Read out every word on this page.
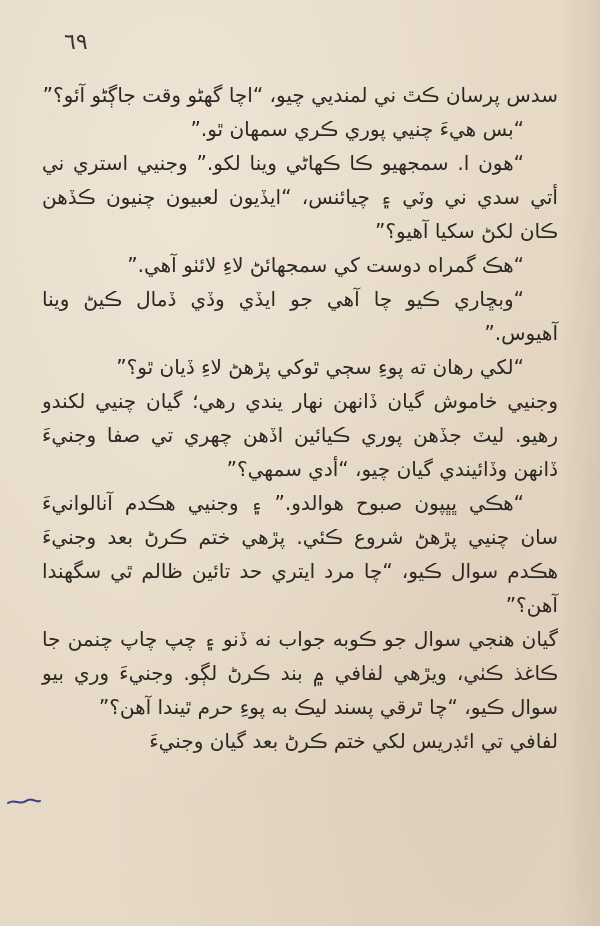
٦٩

سدس پرسان ڪٿ ني لمنديي چيو، “اچا گهڻو وقت جاڳڻو آئو؟”

“بس هيءَ چنيي پوري ڪري سمهان ٿو.”

“هون ا. سمجهيو ڪا ڪهاڻي وينا لکو.” وجنيي استري ني أتي سدي ني وٽي ۽ چيائنس، “ايڏيون لعبيون چنيون ڪڏهن ڪان لکڻ سکيا آهيو؟”

“هڪ گمراه دوست کي سمجهائڻ لاءِ لائٺو آهي.”

“وبڇاري ڪيو چا آهي جو ايڏي وڏي ڏمال ڪيڻ وينا آهيوس.”

“لکي رهان ته پوءِ سڄي ٿوکي پڙهڻ لاءِ ڏيان ٿو؟”

وجنيي خاموش گيان ڏانهن نهار يندي رهي؛ گيان چنيي لکندو رهيو. ليٽ جڏهن پوري ڪيائين اڏهن چهري تي صفا وجنيءَ ڏانهن وڏائيندي گيان چيو، “أدي سمهي؟”

“هڪي ڀڀپون صبوح هوالدو.” ۽ وجنيي هڪدم آنالوانيءَ سان چنيي پڙهڻ شروع ڪئي. پڙهي ختم ڪرڻ بعد وجنيءَ هڪدم سوال ڪيو، “چا مرد ايتري حد تائين ظالم ٿي سگهندا آهن؟”

گيان هنجي سوال جو ڪوبه جواب نه ڏنو ۽ چپ چاپ چنمن جا ڪاغذ ڪٺي، ويڙهي لفافي ۾ بند ڪرڻ لڳو. وجنيءَ وري بيو سوال ڪيو، “چا ٿرقي پسند ليڪ به پوءِ حرم ٿيندا آهن؟”

لفافي تي ائڊريس لکي ختم ڪرڻ بعد گيان وجنيءَ
